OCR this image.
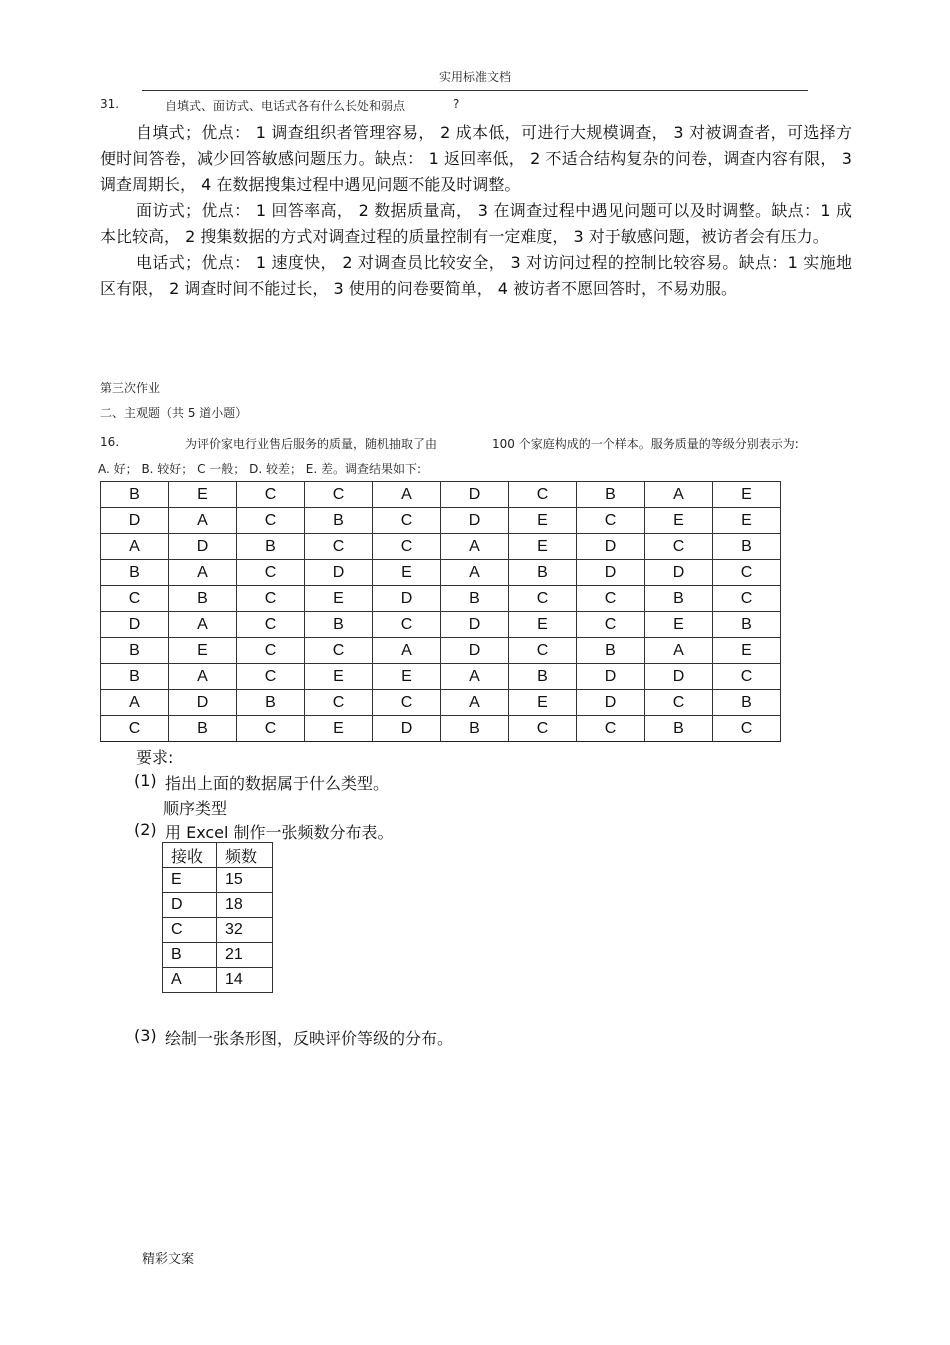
实用标准文档
31.	自填式、面访式、电话式各有什么长处和弱点	?

自填式；优点： 1 调查组织者管理容易， 2 成本低，可进行大规模调查， 3 对被调查者，可选择方便时间答卷，减少回答敏感问题压力。缺点： 1 返回率低， 2 不适合结构复杂的问卷，调查内容有限， 3 调查周期长， 4 在数据搜集过程中遇见问题不能及时调整。

面访式；优点： 1 回答率高， 2 数据质量高， 3 在调查过程中遇见问题可以及时调整。缺点：1 成本比较高， 2 搜集数据的方式对调查过程的质量控制有一定难度， 3 对于敏感问题，被访者会有压力。

电话式；优点： 1 速度快， 2 对调查员比较安全， 3 对访问过程的控制比较容易。缺点：1 实施地区有限， 2 调查时间不能过长， 3 使用的问卷要简单， 4 被访者不愿回答时，不易劝服。

第三次作业
二、主观题（共 5 道小题）
16.	为评价家电行业售后服务的质量，随机抽取了由	100 个家庭构成的一个样本。服务质量的等级分别表示为:
A. 好； B. 较好； C 一般； D. 较差； E. 差。调查结果如下:
B	E	C	C	A	D	C	B	A	E
D	A	C	B	C	D	E	C	E	E
A	D	B	C	C	A	E	D	C	B
B	A	C	D	E	A	B	D	D	C
C	B	C	E	D	B	C	C	B	C
D	A	C	B	C	D	E	C	E	B
B	E	C	C	A	D	C	B	A	E
B	A	C	E	E	A	B	D	D	C
A	D	B	C	C	A	E	D	C	B
C	B	C	E	D	B	C	C	B	C
要求:
(1) 指出上面的数据属于什么类型。
顺序类型
(2) 用 Excel 制作一张频数分布表。
接收	频数
E	15
D	18
C	32
B	21
A	14
(3) 绘制一张条形图，反映评价等级的分布。
精彩文案
